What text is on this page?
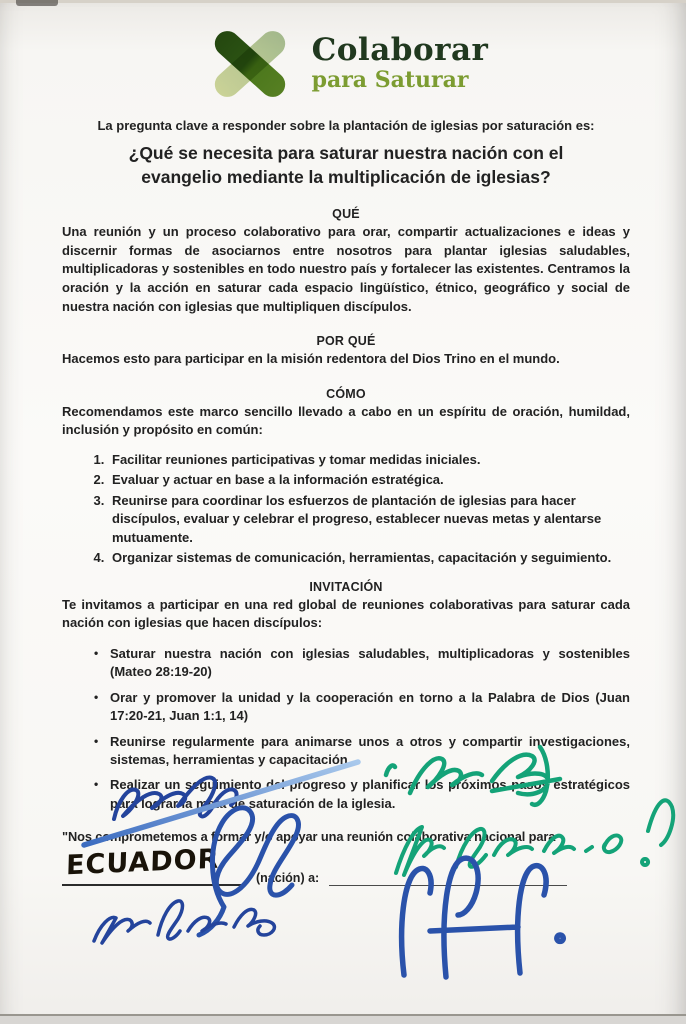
Colaborar
para Saturar

La pregunta clave a responder sobre la plantación de iglesias por saturación es:

¿Qué se necesita para saturar nuestra nación con el evangelio mediante la multiplicación de iglesias?

QUÉ

Una reunión y un proceso colaborativo para orar, compartir actualizaciones e ideas y discernir formas de asociarnos entre nosotros para plantar iglesias saludables, multiplicadoras y sostenibles en todo nuestro país y fortalecer las existentes. Centramos la oración y la acción en saturar cada espacio lingüístico, étnico, geográfico y social de nuestra nación con iglesias que multipliquen discípulos.

POR QUÉ

Hacemos esto para participar en la misión redentora del Dios Trino en el mundo.

CÓMO

Recomendamos este marco sencillo llevado a cabo en un espíritu de oración, humildad, inclusión y propósito en común:

1. Facilitar reuniones participativas y tomar medidas iniciales.
2. Evaluar y actuar en base a la información estratégica.
3. Reunirse para coordinar los esfuerzos de plantación de iglesias para hacer discípulos, evaluar y celebrar el progreso, establecer nuevas metas y alentarse mutuamente.
4. Organizar sistemas de comunicación, herramientas, capacitación y seguimiento.

INVITACIÓN

Te invitamos a participar en una red global de reuniones colaborativas para saturar cada nación con iglesias que hacen discípulos:

• Saturar nuestra nación con iglesias saludables, multiplicadoras y sostenibles (Mateo 28:19-20)
• Orar y promover la unidad y la cooperación en torno a la Palabra de Dios (Juan 17:20-21, Juan 1:1, 14)
• Reunirse regularmente para animarse unos a otros y compartir investigaciones, sistemas, herramientas y capacitación.
• Realizar un seguimiento del progreso y planificar los próximos pasos estratégicos para lograr la meta de saturación de la iglesia.

"Nos comprometemos a formar y/o apoyar una reunión colaborativa nacional para

ECUADOR	(nación) a:
